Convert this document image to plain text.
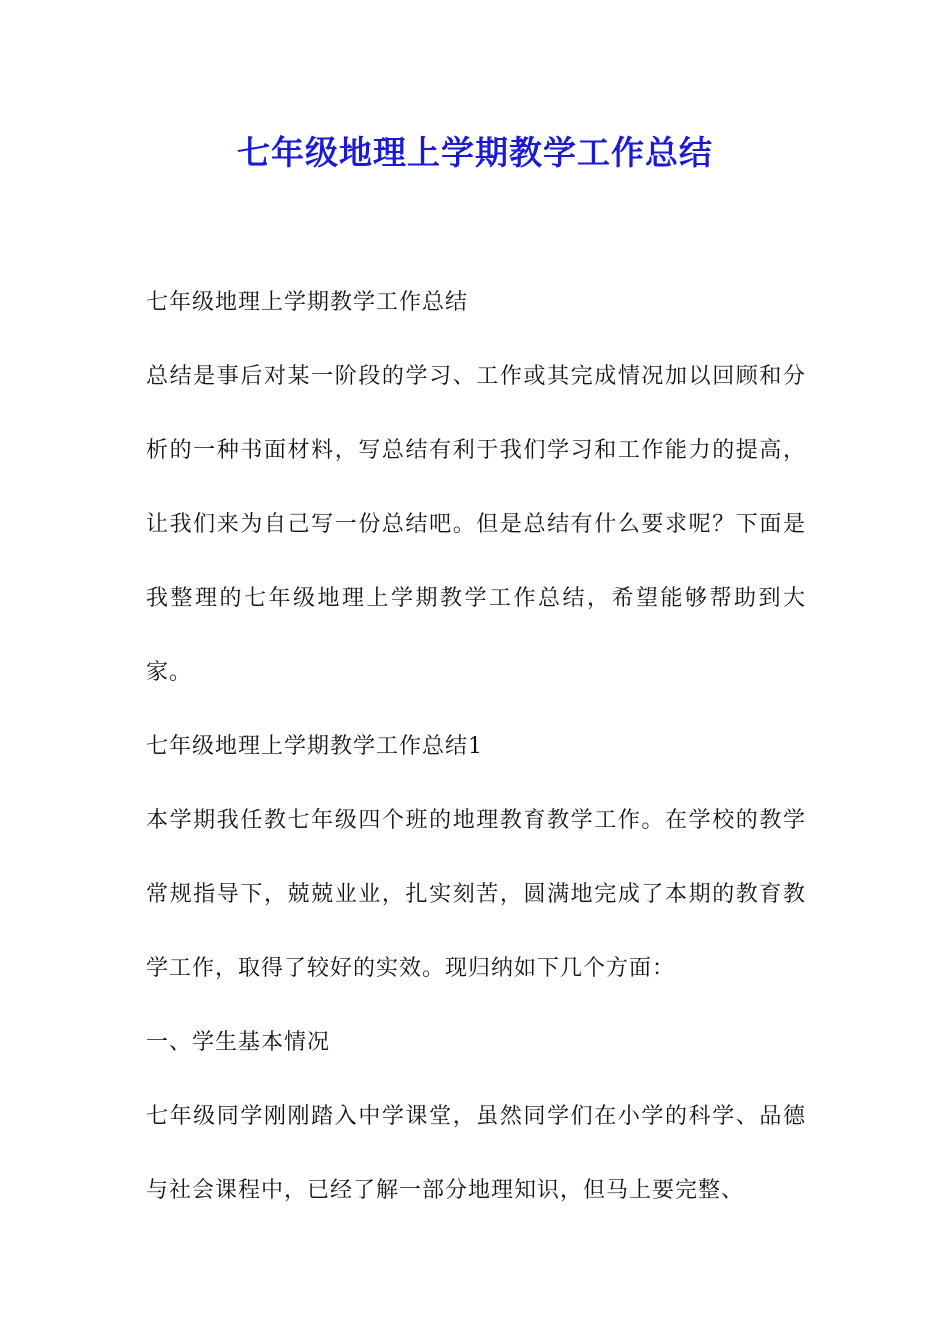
七年级地理上学期教学工作总结

七年级地理上学期教学工作总结

总结是事后对某一阶段的学习、工作或其完成情况加以回顾和分析的一种书面材料，写总结有利于我们学习和工作能力的提高，让我们来为自己写一份总结吧。但是总结有什么要求呢？下面是我整理的七年级地理上学期教学工作总结，希望能够帮助到大家。

七年级地理上学期教学工作总结1

本学期我任教七年级四个班的地理教育教学工作。在学校的教学常规指导下，兢兢业业，扎实刻苦，圆满地完成了本期的教育教学工作，取得了较好的实效。现归纳如下几个方面：

一、学生基本情况

七年级同学刚刚踏入中学课堂，虽然同学们在小学的科学、品德与社会课程中，已经了解一部分地理知识，但马上要完整、
